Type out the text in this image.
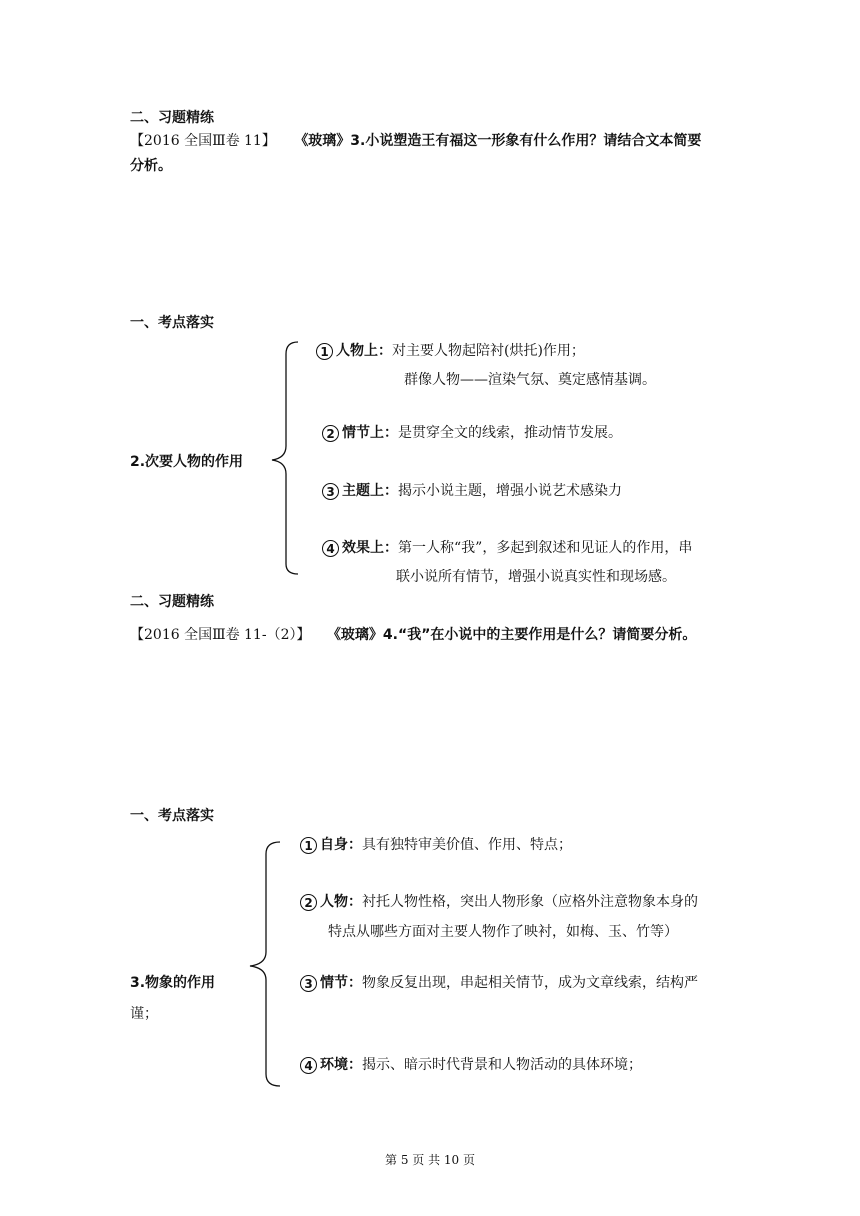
二、习题精练
【2016 全国Ⅲ卷 11】 《玻璃》3.小说塑造王有福这一形象有什么作用？请结合文本简要
分析。
一、考点落实
2.次要人物的作用
1 人物上：对主要人物起陪衬(烘托)作用；
群像人物——渲染气氛、奠定感情基调。
2 情节上：是贯穿全文的线索，推动情节发展。
3 主题上：揭示小说主题，增强小说艺术感染力
4 效果上：第一人称“我”，多起到叙述和见证人的作用，串
联小说所有情节，增强小说真实性和现场感。
二、习题精练
【2016 全国Ⅲ卷 11-（2）】 《玻璃》4.“我”在小说中的主要作用是什么？请简要分析。
一、考点落实
3.物象的作用
谨；
1 自身：具有独特审美价值、作用、特点；
2 人物：衬托人物性格，突出人物形象（应格外注意物象本身的
特点从哪些方面对主要人物作了映衬，如梅、玉、竹等）
3 情节：物象反复出现，串起相关情节，成为文章线索，结构严
4 环境：揭示、暗示时代背景和人物活动的具体环境；
第 5 页 共 10 页
